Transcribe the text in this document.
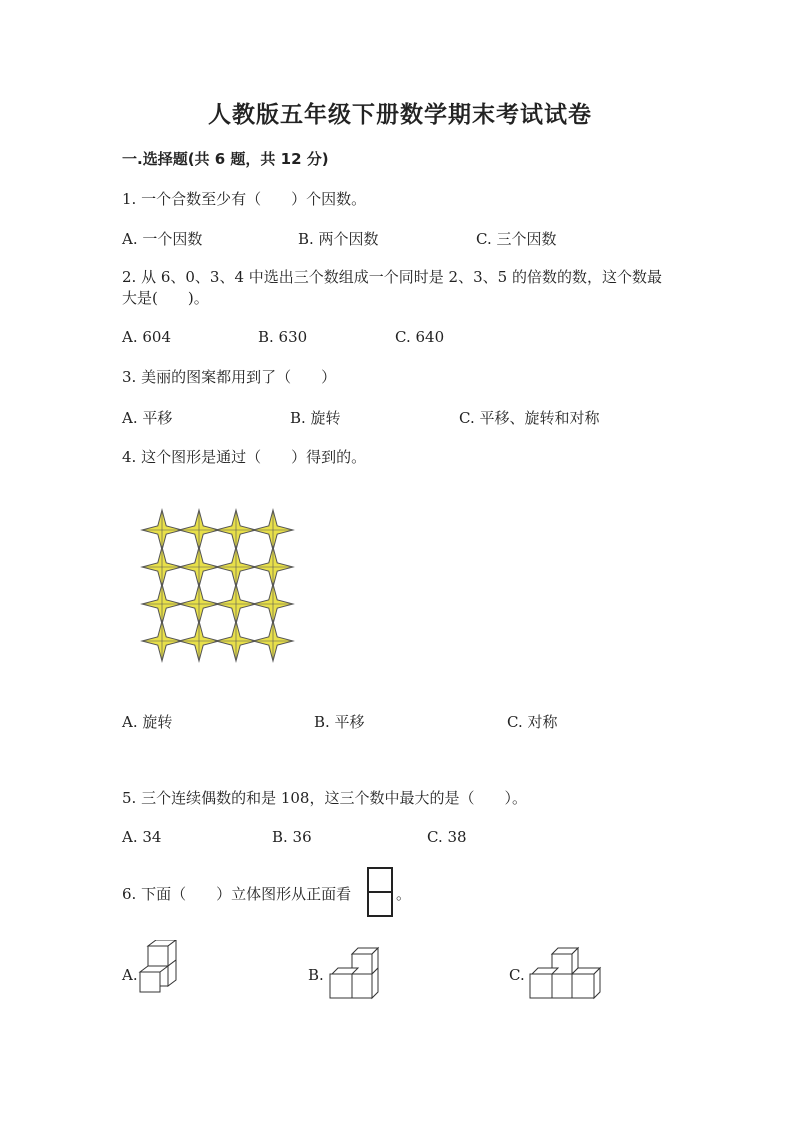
人教版五年级下册数学期末考试试卷
一.选择题(共 6 题，共 12 分)
1. 一个合数至少有（　　）个因数。
A. 一个因数	B. 两个因数	C. 三个因数
2. 从 6、0、3、4 中选出三个数组成一个同时是 2、3、5 的倍数的数，这个数最
大是(　　)。
A. 604	B. 630	C. 640
3. 美丽的图案都用到了（　　）
A. 平移	B. 旋转	C. 平移、旋转和对称
4. 这个图形是通过（　　）得到的。
A. 旋转	B. 平移	C. 对称
5. 三个连续偶数的和是 108，这三个数中最大的是（　　）。
A. 34	B. 36	C. 38
6. 下面（　　）立体图形从正面看	。
A.	B.	C.
